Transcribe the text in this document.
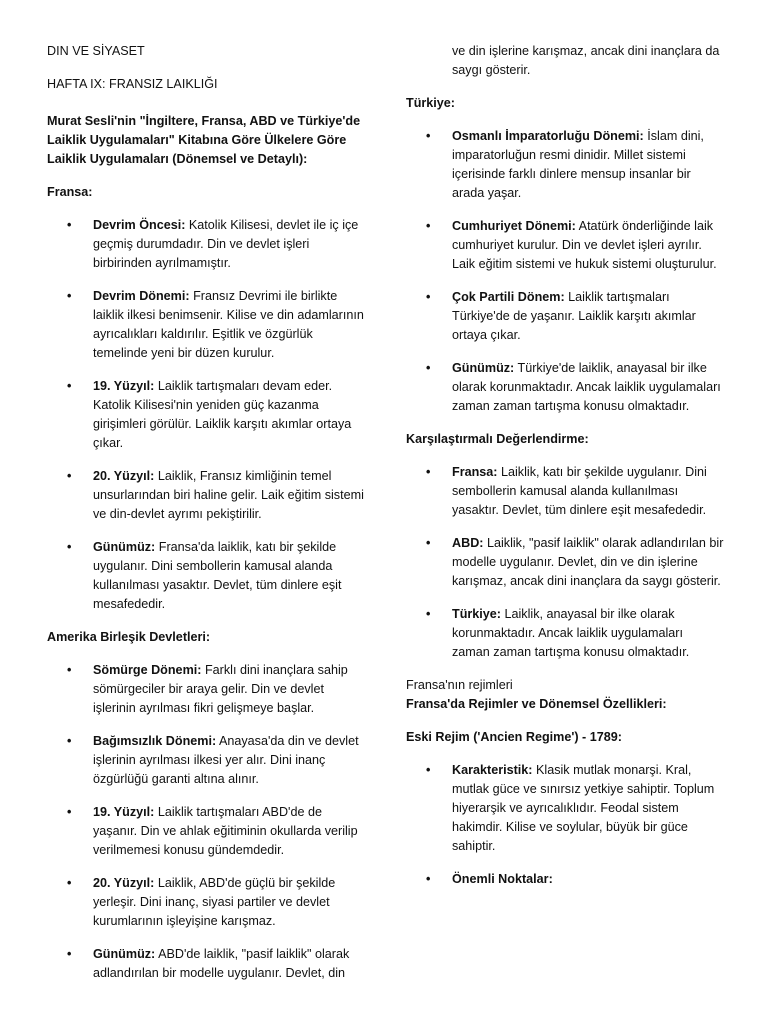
DIN VE SİYASET

HAFTA IX: FRANSIZ LAIKLIĞI

Murat Sesli'nin "İngiltere, Fransa, ABD ve Türkiye'de Laiklik Uygulamaları" Kitabına Göre Ülkelere Göre Laiklik Uygulamaları (Dönemsel ve Detaylı):

Fransa:

• Devrim Öncesi: Katolik Kilisesi, devlet ile iç içe geçmiş durumdadır. Din ve devlet işleri birbirinden ayrılmamıştır.
• Devrim Dönemi: Fransız Devrimi ile birlikte laiklik ilkesi benimsenir. Kilise ve din adamlarının ayrıcalıkları kaldırılır. Eşitlik ve özgürlük temelinde yeni bir düzen kurulur.
• 19. Yüzyıl: Laiklik tartışmaları devam eder. Katolik Kilisesi'nin yeniden güç kazanma girişimleri görülür. Laiklik karşıtı akımlar ortaya çıkar.
• 20. Yüzyıl: Laiklik, Fransız kimliğinin temel unsurlarından biri haline gelir. Laik eğitim sistemi ve din-devlet ayrımı pekiştirilir.
• Günümüz: Fransa'da laiklik, katı bir şekilde uygulanır. Dini sembollerin kamusal alanda kullanılması yasaktır. Devlet, tüm dinlere eşit mesafededir.

Amerika Birleşik Devletleri:

• Sömürge Dönemi: Farklı dini inançlara sahip sömürgeciler bir araya gelir. Din ve devlet işlerinin ayrılması fikri gelişmeye başlar.
• Bağımsızlık Dönemi: Anayasa'da din ve devlet işlerinin ayrılması ilkesi yer alır. Dini inanç özgürlüğü garanti altına alınır.
• 19. Yüzyıl: Laiklik tartışmaları ABD'de de yaşanır. Din ve ahlak eğitiminin okullarda verilip verilmemesi konusu gündemdedir.
• 20. Yüzyıl: Laiklik, ABD'de güçlü bir şekilde yerleşir. Dini inanç, siyasi partiler ve devlet kurumlarının işleyişine karışmaz.
• Günümüz: ABD'de laiklik, "pasif laiklik" olarak adlandırılan bir modelle uygulanır. Devlet, din

ve din işlerine karışmaz, ancak dini inançlara da saygı gösterir.

Türkiye:

• Osmanlı İmparatorluğu Dönemi: İslam dini, imparatorluğun resmi dinidir. Millet sistemi içerisinde farklı dinlere mensup insanlar bir arada yaşar.
• Cumhuriyet Dönemi: Atatürk önderliğinde laik cumhuriyet kurulur. Din ve devlet işleri ayrılır. Laik eğitim sistemi ve hukuk sistemi oluşturulur.
• Çok Partili Dönem: Laiklik tartışmaları Türkiye'de de yaşanır. Laiklik karşıtı akımlar ortaya çıkar.
• Günümüz: Türkiye'de laiklik, anayasal bir ilke olarak korunmaktadır. Ancak laiklik uygulamaları zaman zaman tartışma konusu olmaktadır.

Karşılaştırmalı Değerlendirme:

• Fransa: Laiklik, katı bir şekilde uygulanır. Dini sembollerin kamusal alanda kullanılması yasaktır. Devlet, tüm dinlere eşit mesafededir.
• ABD: Laiklik, "pasif laiklik" olarak adlandırılan bir modelle uygulanır. Devlet, din ve din işlerine karışmaz, ancak dini inançlara da saygı gösterir.
• Türkiye: Laiklik, anayasal bir ilke olarak korunmaktadır. Ancak laiklik uygulamaları zaman zaman tartışma konusu olmaktadır.

Fransa'nın rejimleri

Fransa'da Rejimler ve Dönemsel Özellikleri:

Eski Rejim ('Ancien Regime') - 1789:

• Karakteristik: Klasik mutlak monarşi. Kral, mutlak güce ve sınırsız yetkiye sahiptir. Toplum hiyerarşik ve ayrıcalıklıdır. Feodal sistem hakimdir. Kilise ve soylular, büyük bir güce sahiptir.
• Önemli Noktalar:
